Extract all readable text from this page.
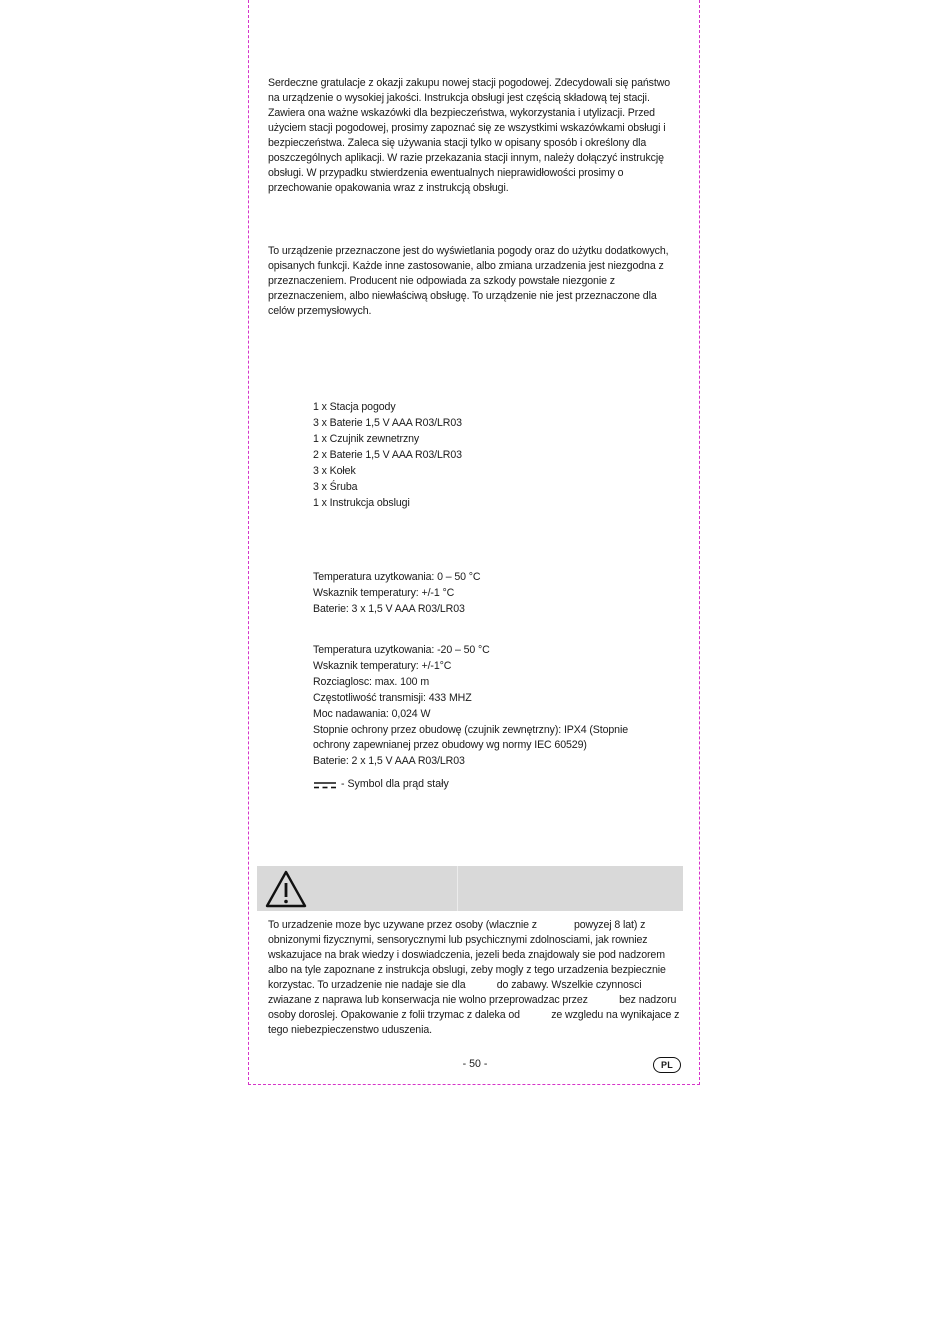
Serdeczne gratulacje z okazji zakupu nowej stacji pogodowej. Zdecydowali się państwo na urządzenie o wysokiej jakości. Instrukcja obsługi jest częścią składową tej stacji. Zawiera ona ważne wskazówki dla bezpieczeństwa, wykorzystania i utylizacji. Przed użyciem stacji pogodowej, prosimy zapoznać się ze wszystkimi wskazówkami obsługi i bezpieczeństwa. Zaleca się używania stacji tylko w opisany sposób i określony dla poszczególnych aplikacji. W razie przekazania stacji innym, należy dołączyć instrukcję obsługi. W przypadku stwierdzenia ewentualnych nieprawidłowości prosimy o przechowanie opakowania wraz z instrukcją obsługi.
To urządzenie przeznaczone jest do wyświetlania pogody oraz do użytku dodatkowych, opisanych funkcji. Każde inne zastosowanie, albo zmiana urzadzenia jest niezgodna z przeznaczeniem. Producent nie odpowiada za szkody powstałe niezgonie z przeznaczeniem, albo niewłaściwą obsługę. To urządzenie nie jest przeznaczone dla celów przemysłowych.
1 x Stacja pogody
3 x Baterie 1,5 V AAA R03/LR03
1 x Czujnik zewnetrzny
2 x Baterie 1,5 V AAA R03/LR03
3 x Kołek
3 x Śruba
1 x Instrukcja obslugi
Temperatura uzytkowania: 0 – 50 °C
Wskaznik temperatury: +/-1 °C
Baterie: 3 x 1,5 V AAA R03/LR03
Temperatura uzytkowania: -20 – 50 °C
Wskaznik temperatury: +/-1°C
Rozciaglosc: max. 100 m
Częstotliwość transmisji: 433 MHZ
Moc nadawania: 0,024 W
Stopnie ochrony przez obudowę (czujnik zewnętrzny): IPX4 (Stopnie ochrony zapewnianej przez obudowy wg normy IEC 60529)
Baterie: 2 x 1,5 V AAA R03/LR03
- Symbol dla prąd stały
To urzadzenie moze byc uzywane przez osoby (wlacznie z             powyzej 8 lat) z obnizonymi fizycznymi, sensorycznymi lub psychicznymi zdolnosciami, jak rowniez wskazujace na brak wiedzy i doswiadczenia, jezeli beda znajdowaly sie pod nadzorem albo na tyle zapoznane z instrukcja obslugi, zeby mogly z tego urzadzenia bezpiecznie korzystac. To urzadzenie nie nadaje sie dla           do zabawy. Wszelkie czynnosci zwiazane z naprawa lub konserwacja nie wolno przeprowadzac przez           bez nadzoru osoby doroslej. Opakowanie z folii trzymac z daleka od           ze wzgledu na wynikajace z tego niebezpieczenstwo uduszenia.
- 50 -	PL
